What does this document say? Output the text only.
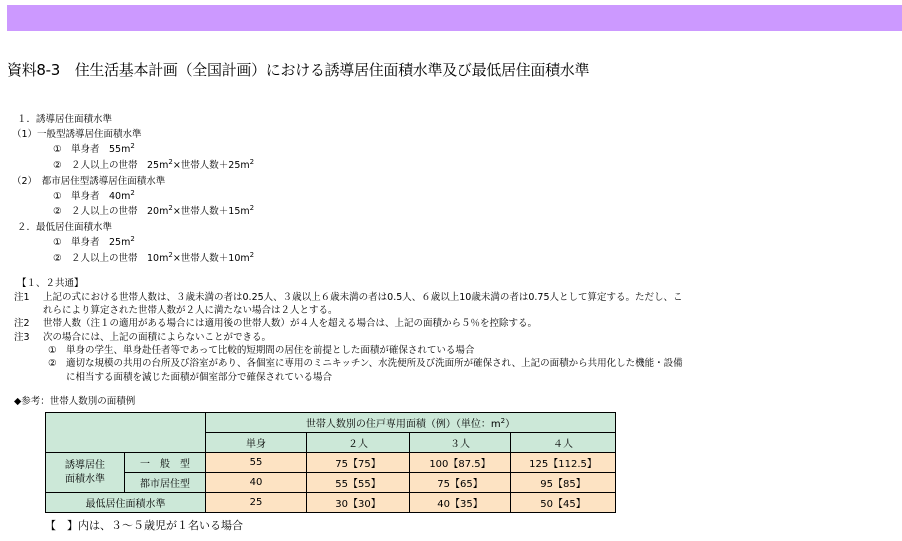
資料8-3　住生活基本計画（全国計画）における誘導居住面積水準及び最低居住面積水準
１．誘導居住面積水準
（1）一般型誘導居住面積水準
①　単身者　$55m^2$
②　２人以上の世帯　$25m^2\times$世帯人数$+25m^2$
（2）　都市居住型誘導居住面積水準
①　単身者　$40m^2$
②　２人以上の世帯　$20m^2\times$世帯人数$+15m^2$
２．最低居住面積水準
①　単身者　$25m^2$
②　２人以上の世帯　$10m^2\times$世帯人数$+10m^2$
【１、２共通】
注1 上記の式における世帯人数は、３歳未満の者は0.25人、３歳以上６歳未満の者は0.5人、６歳以上10歳未満の者は0.75人として算定する。ただし、こ
れらにより算定された世帯人数が２人に満たない場合は２人とする。
注2 世帯人数（注１の適用がある場合には適用後の世帯人数）が４人を超える場合は、上記の面積から５％を控除する。
注3 次の場合には、上記の面積によらないことができる。
①　単身の学生、単身赴任者等であって比較的短期間の居住を前提とした面積が確保されている場合
②　適切な規模の共用の台所及び浴室があり、各個室に専用のミニキッチン、水洗便所及び洗面所が確保され、上記の面積から共用化した機能・設備
に相当する面積を減じた面積が個室部分で確保されている場合
◆参考：世帯人数別の面積例
		世帯人数別の住戸専用面積（例）（単位：$m^2$）			
		単身	２人	３人	４人
誘導居住
面積水準	一　般　型	55	75【75】	100【87.5】	125【112.5】
	都市居住型	40	55【55】	75【65】	95【85】
最低居住面積水準		25	30【30】	40【35】	50【45】
【　】内は、３～５歳児が１名いる場合
